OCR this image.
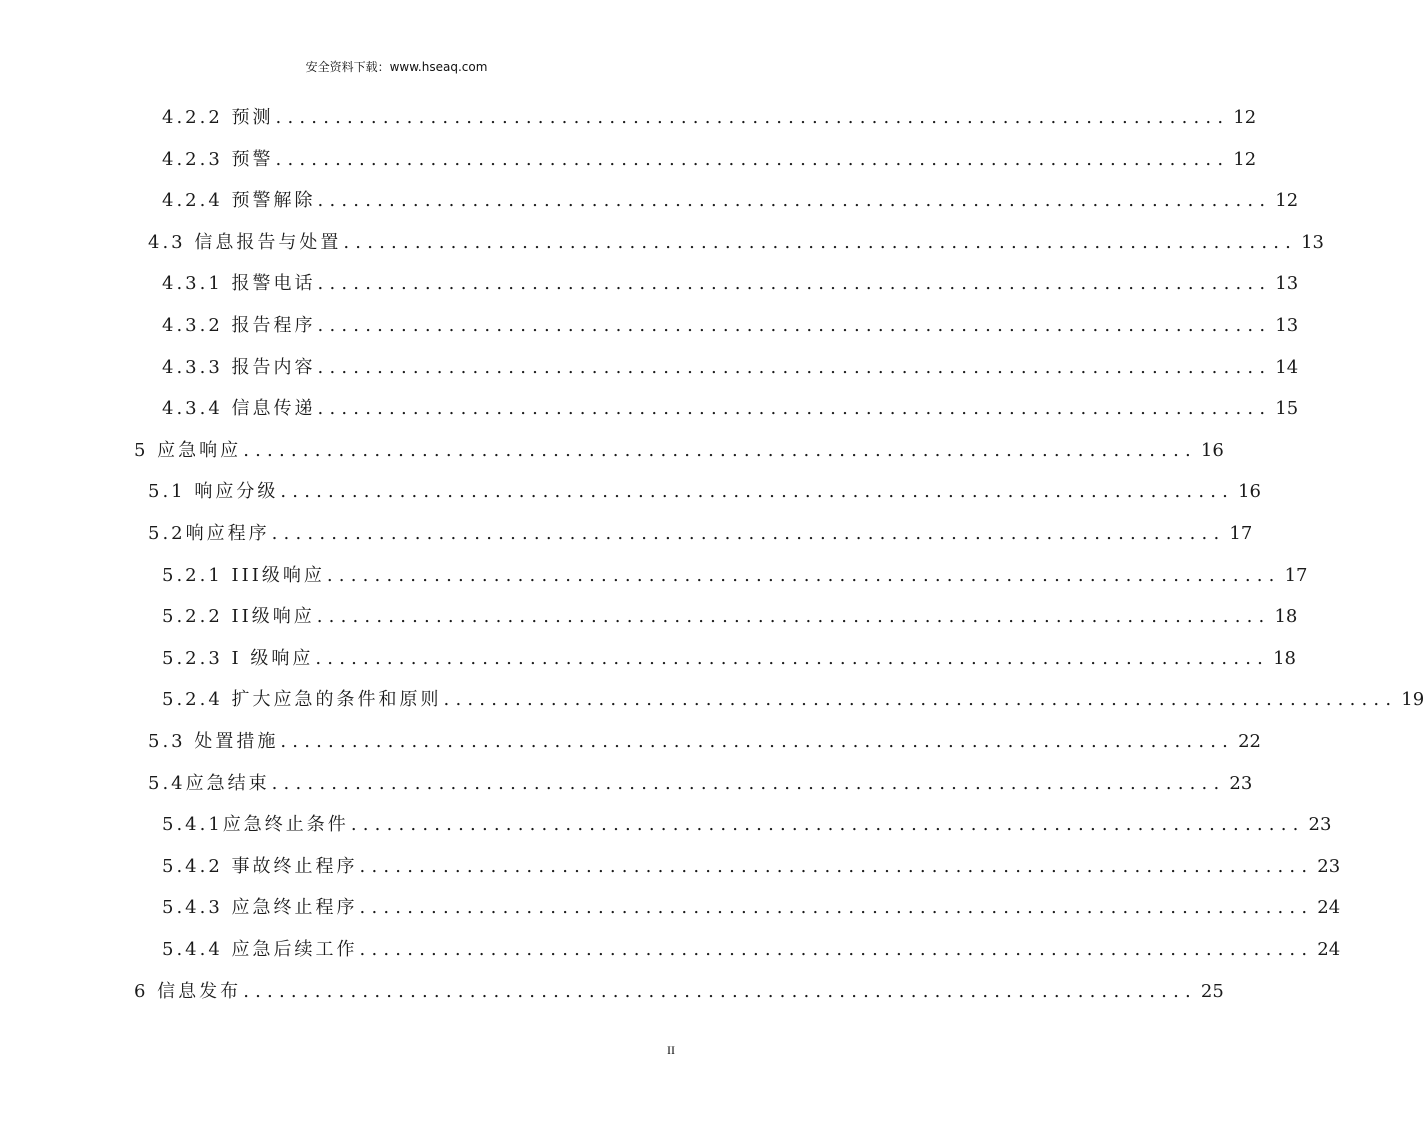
安全资料下载：www.hseaq.com
4.2.2 预测 ................................................................................ 12
4.2.3 预警 ................................................................................ 12
4.2.4 预警解除 ................................................................................ 12
4.3 信息报告与处置 ................................................................................ 13
4.3.1 报警电话 ................................................................................ 13
4.3.2 报告程序 ................................................................................ 13
4.3.3 报告内容 ................................................................................ 14
4.3.4 信息传递 ................................................................................ 15
5 应急响应 ................................................................................ 16
5.1 响应分级 ................................................................................ 16
5.2响应程序 ................................................................................ 17
5.2.1 III级响应 ................................................................................ 17
5.2.2 II级响应 ................................................................................ 18
5.2.3 I 级响应 ................................................................................ 18
5.2.4 扩大应急的条件和原则 ................................................................................ 19
5.3 处置措施 ................................................................................ 22
5.4应急结束 ................................................................................ 23
5.4.1应急终止条件 ................................................................................ 23
5.4.2 事故终止程序 ................................................................................ 23
5.4.3 应急终止程序 ................................................................................ 24
5.4.4 应急后续工作 ................................................................................ 24
6 信息发布 ................................................................................ 25
II
